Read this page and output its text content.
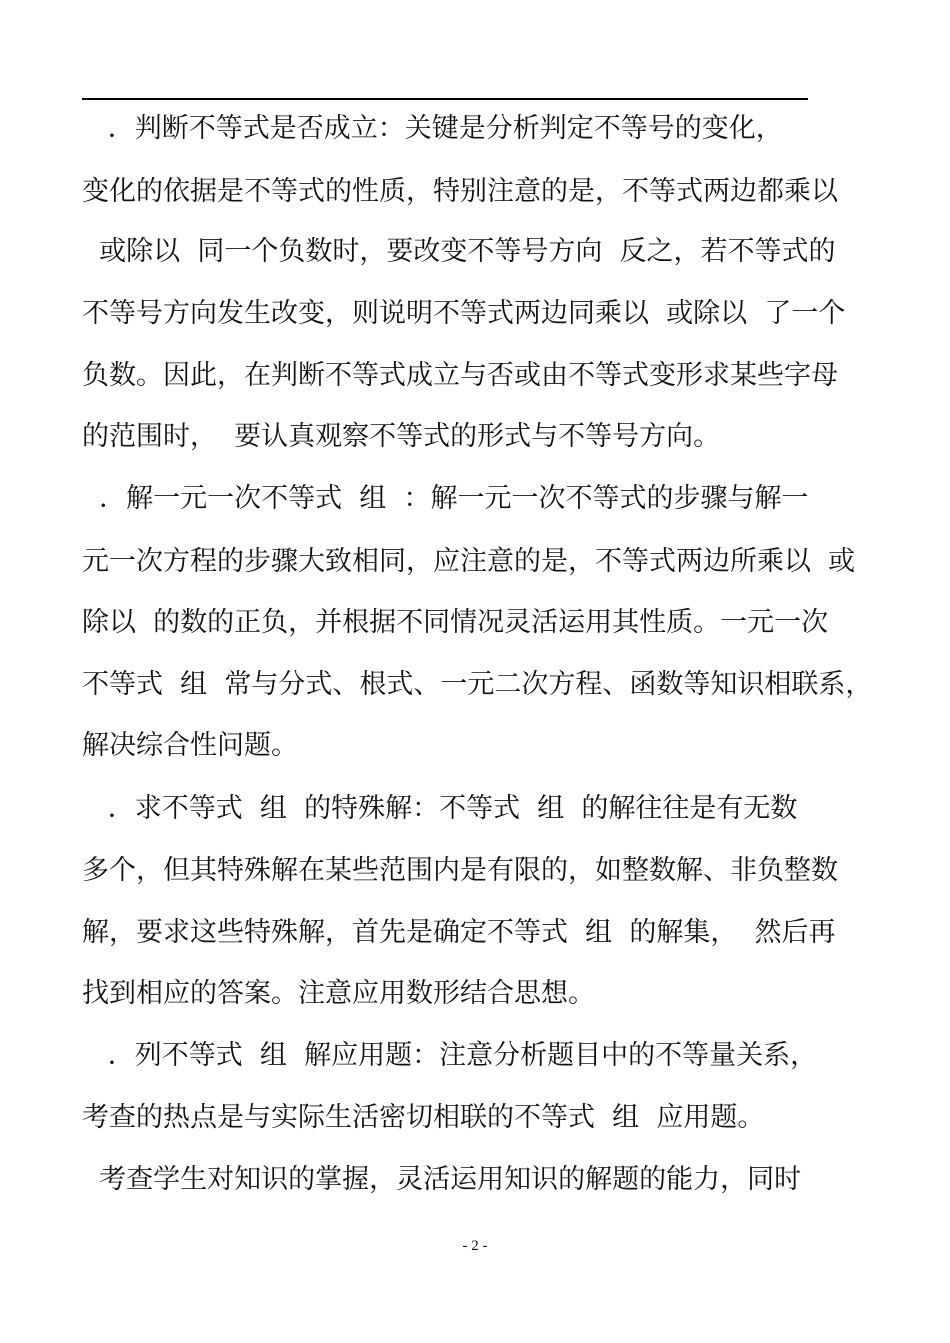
．判断不等式是否成立：关键是分析判定不等号的变化，
变化的依据是不等式的性质，特别注意的是，不等式两边都乘以
或除以  同一个负数时，要改变不等号方向  反之，若不等式的
不等号方向发生改变，则说明不等式两边同乘以  或除以  了一个
负数。因此，在判断不等式成立与否或由不等式变形求某些字母
的范围时，  要认真观察不等式的形式与不等号方向。
．解一元一次不等式  组  ：解一元一次不等式的步骤与解一
元一次方程的步骤大致相同，应注意的是，不等式两边所乘以  或
除以  的数的正负，并根据不同情况灵活运用其性质。一元一次
不等式  组  常与分式、根式、一元二次方程、函数等知识相联系，
解决综合性问题。
．求不等式  组  的特殊解：不等式  组  的解往往是有无数
多个，但其特殊解在某些范围内是有限的，如整数解、非负整数
解，要求这些特殊解，首先是确定不等式  组  的解集，  然后再
找到相应的答案。注意应用数形结合思想。
．列不等式  组  解应用题：注意分析题目中的不等量关系，
考查的热点是与实际生活密切相联的不等式  组  应用题。
考查学生对知识的掌握，灵活运用知识的解题的能力，同时
- 2 -
